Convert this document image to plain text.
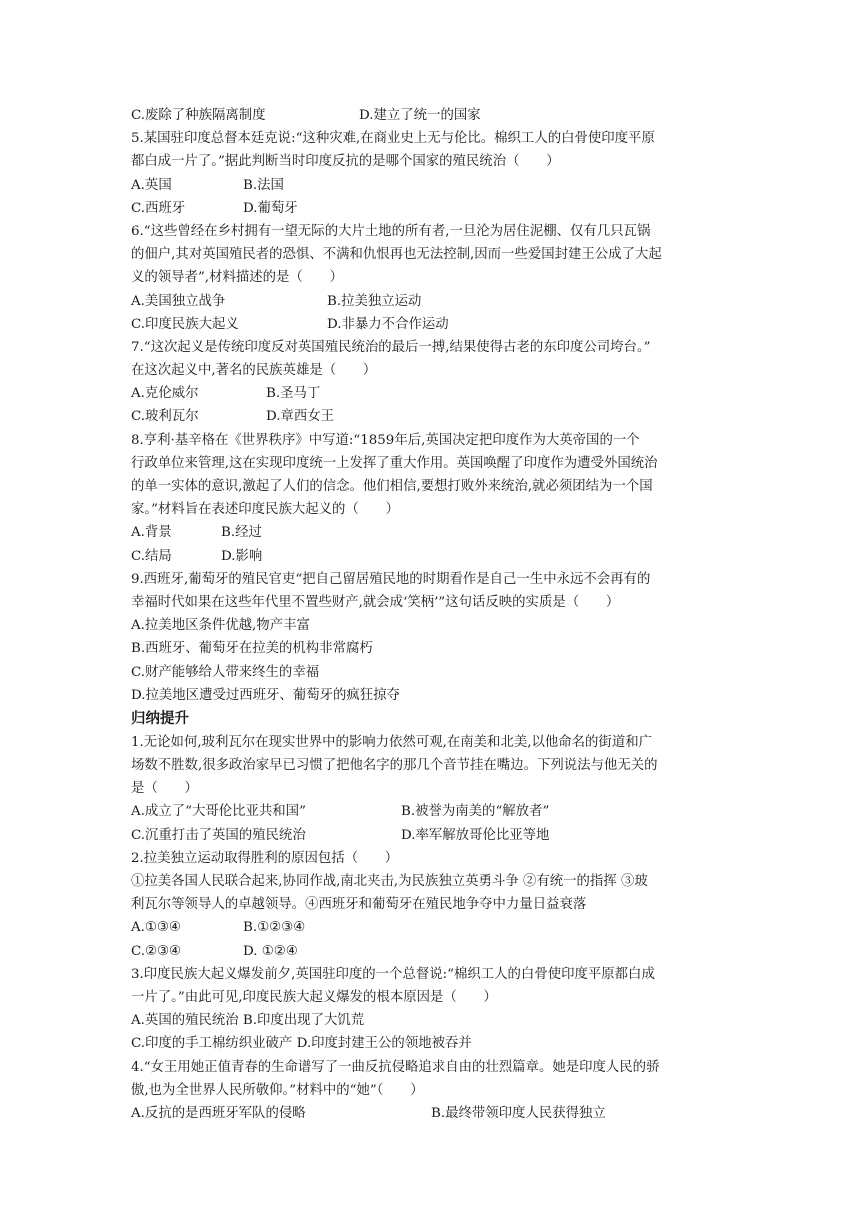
C.废除了种族隔离制度	D.建立了统一的国家
5.某国驻印度总督本廷克说:“这种灾难,在商业史上无与伦比。棉织工人的白骨使印度平原
都白成一片了。”据此判断当时印度反抗的是哪个国家的殖民统治（　　）
A.英国	B.法国
C.西班牙	D.葡萄牙
6.“这些曾经在乡村拥有一望无际的大片土地的所有者,一旦沦为居住泥棚、仅有几只瓦锅
的佃户,其对英国殖民者的恐惧、不满和仇恨再也无法控制,因而一些爱国封建王公成了大起
义的领导者”,材料描述的是（　　）
A.美国独立战争	B.拉美独立运动
C.印度民族大起义	D.非暴力不合作运动
7.“这次起义是传统印度反对英国殖民统治的最后一搏,结果使得古老的东印度公司垮台。”
在这次起义中,著名的民族英雄是（　　）
A.克伦威尔	B.圣马丁
C.玻利瓦尔	D.章西女王
8.亨利·基辛格在《世界秩序》中写道:“1859年后,英国决定把印度作为大英帝国的一个
行政单位来管理,这在实现印度统一上发挥了重大作用。英国唤醒了印度作为遭受外国统治
的单一实体的意识,激起了人们的信念。他们相信,要想打败外来统治,就必须团结为一个国
家。”材料旨在表述印度民族大起义的（　　）
A.背景	B.经过
C.结局	D.影响
9.西班牙,葡萄牙的殖民官吏“把自己留居殖民地的时期看作是自己一生中永远不会再有的
幸福时代如果在这些年代里不置些财产,就会成‘笑柄’”这句话反映的实质是（　　）
A.拉美地区条件优越,物产丰富
B.西班牙、葡萄牙在拉美的机构非常腐朽
C.财产能够给人带来终生的幸福
D.拉美地区遭受过西班牙、葡萄牙的疯狂掠夺
归纳提升
1.无论如何,玻利瓦尔在现实世界中的影响力依然可观,在南美和北美,以他命名的街道和广
场数不胜数,很多政治家早已习惯了把他名字的那几个音节挂在嘴边。下列说法与他无关的
是（　　）
A.成立了“大哥伦比亚共和国”	B.被誉为南美的“解放者”
C.沉重打击了英国的殖民统治	D.率军解放哥伦比亚等地
2.拉美独立运动取得胜利的原因包括（　　）
①拉美各国人民联合起来,协同作战,南北夹击,为民族独立英勇斗争 ②有统一的指挥 ③玻
利瓦尔等领导人的卓越领导。④西班牙和葡萄牙在殖民地争夺中力量日益衰落
A.①③④	B.①②③④
C.②③④	D. ①②④
3.印度民族大起义爆发前夕,英国驻印度的一个总督说:“棉织工人的白骨使印度平原都白成
一片了。”由此可见,印度民族大起义爆发的根本原因是（　　）
A.英国的殖民统治 B.印度出现了大饥荒
C.印度的手工棉纺织业破产 D.印度封建王公的领地被吞并
4.“女王用她正值青春的生命谱写了一曲反抗侵略追求自由的壮烈篇章。她是印度人民的骄
傲,也为全世界人民所敬仰。”材料中的“她”（　　）
A.反抗的是西班牙军队的侵略	B.最终带领印度人民获得独立
